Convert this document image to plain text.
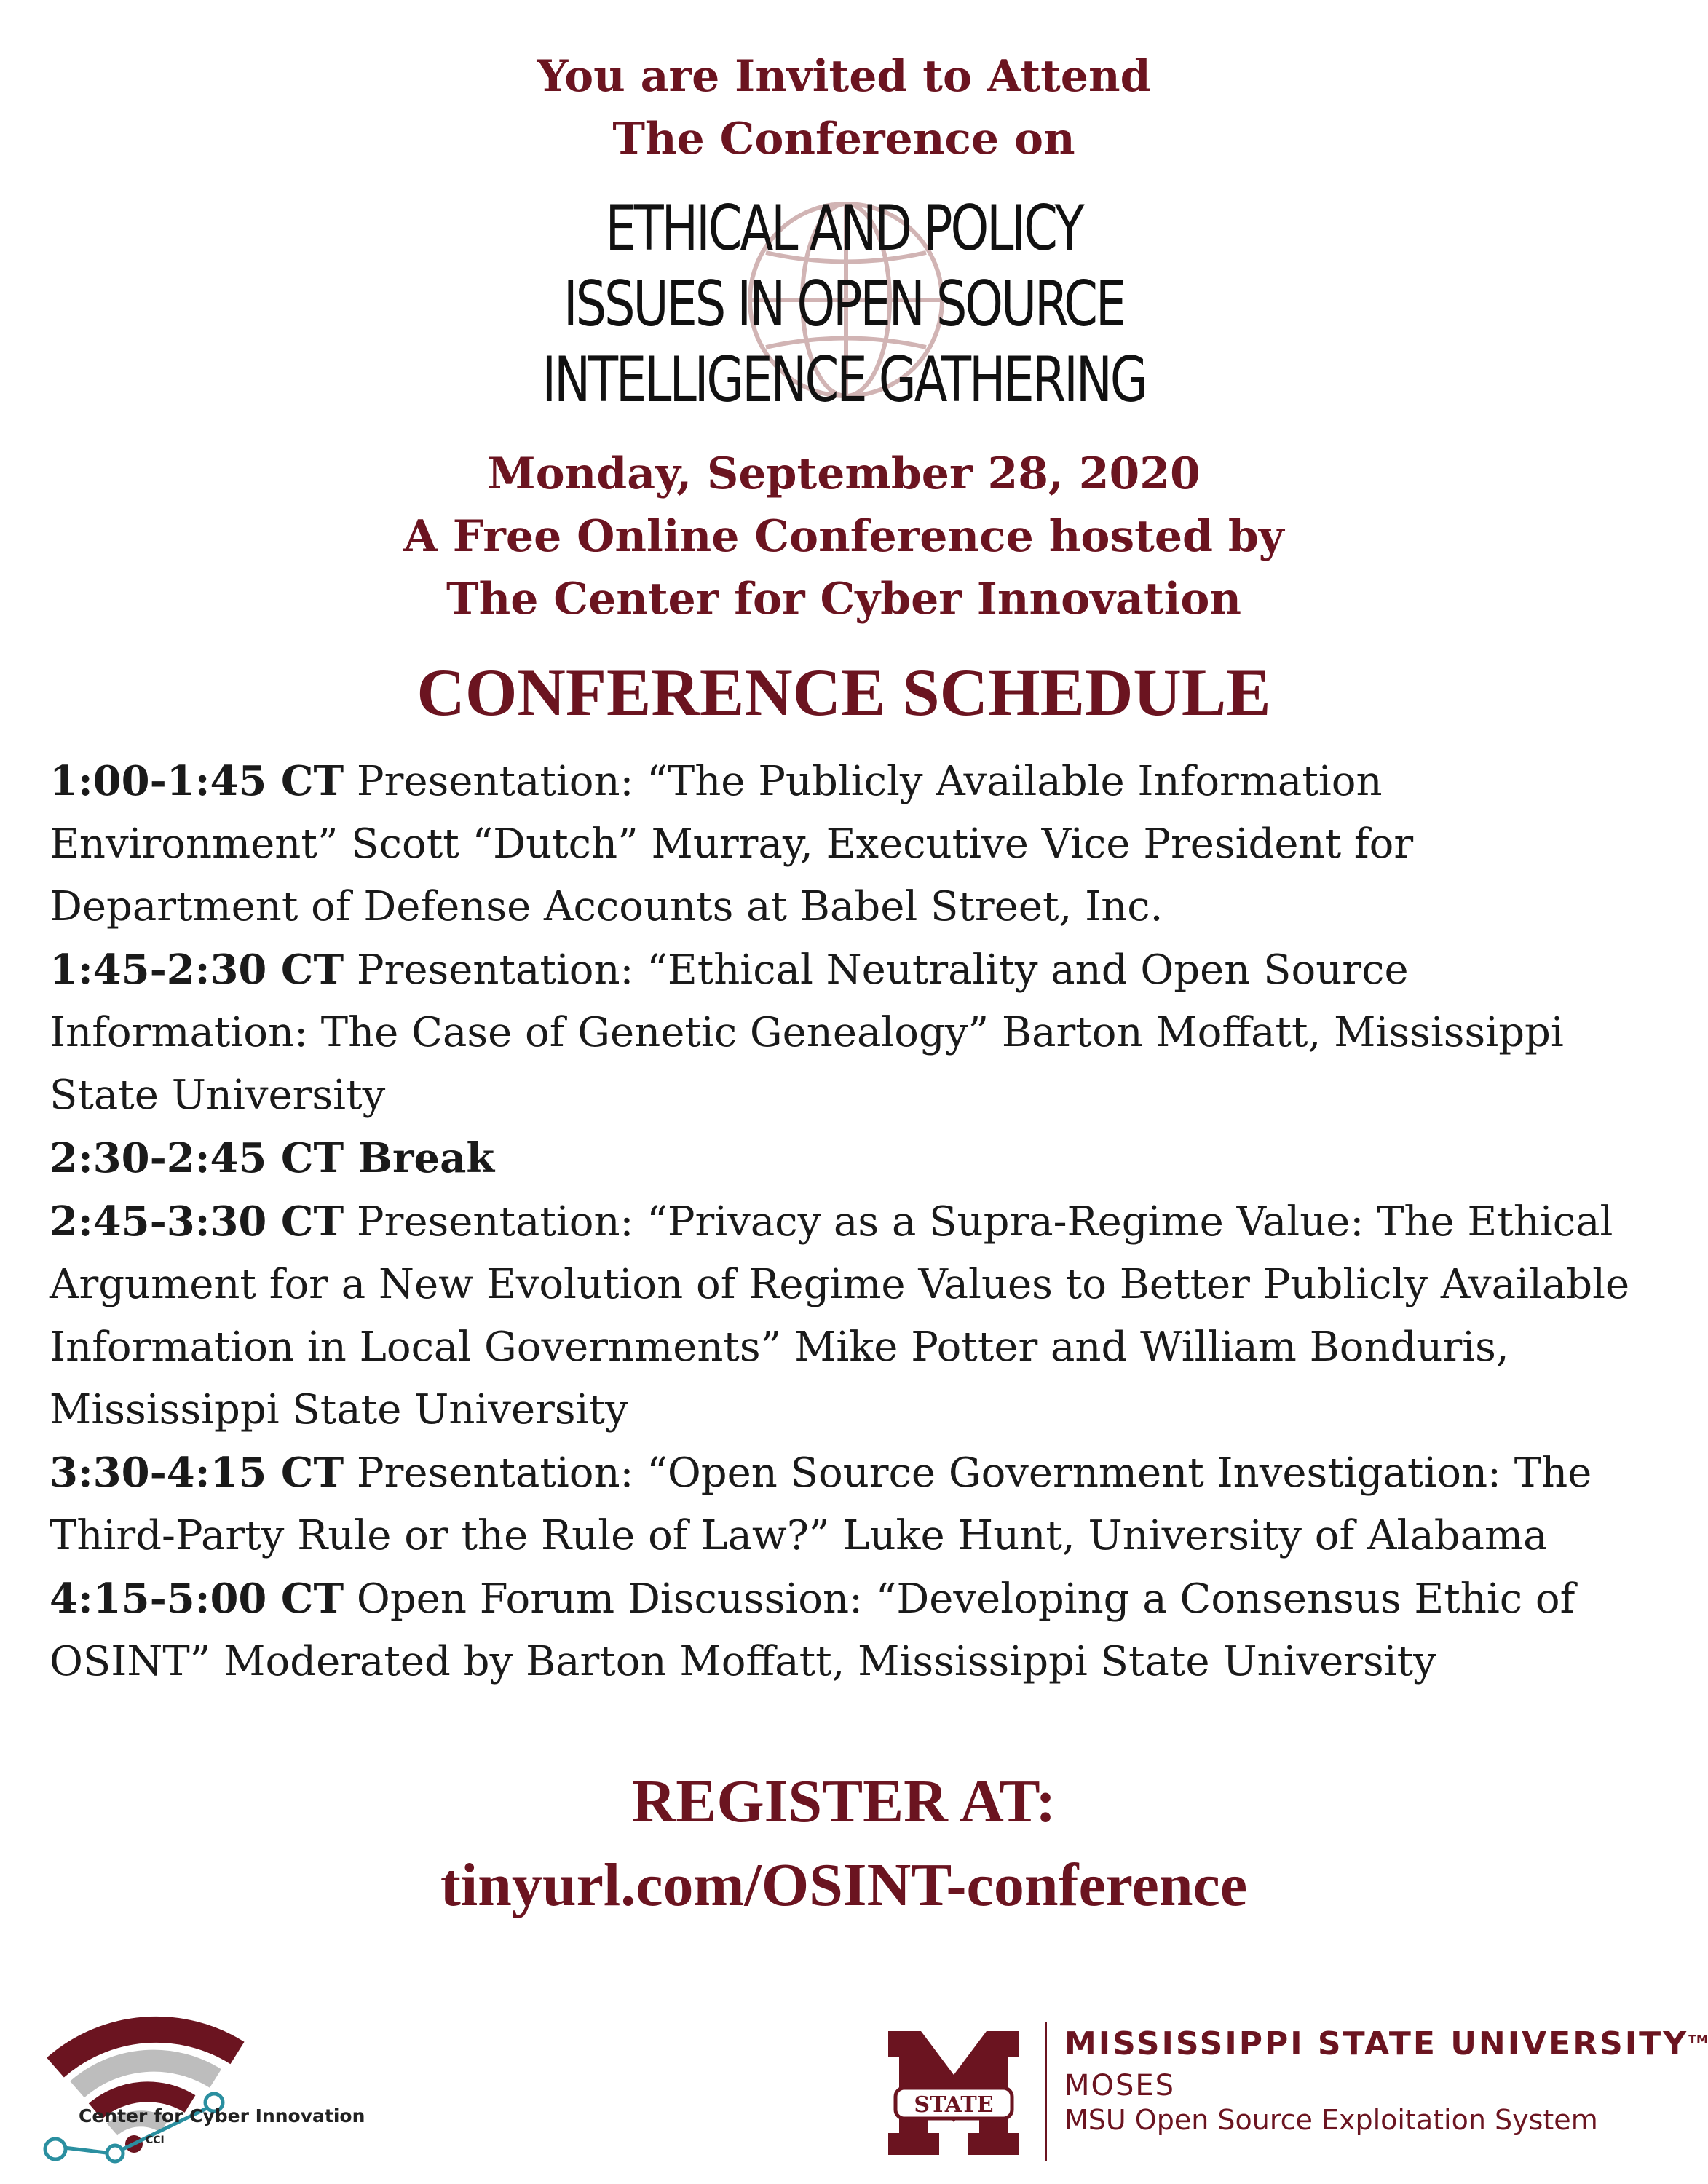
You are Invited to Attend
The Conference on
ETHICAL AND POLICY
ISSUES IN OPEN SOURCE
INTELLIGENCE GATHERING
Monday, September 28, 2020
A Free Online Conference hosted by
The Center for Cyber Innovation
CONFERENCE SCHEDULE

1:00-1:45 CT Presentation: “The Publicly Available Information Environment” Scott “Dutch” Murray, Executive Vice President for Department of Defense Accounts at Babel Street, Inc.

1:45-2:30 CT Presentation: “Ethical Neutrality and Open Source Information: The Case of Genetic Genealogy” Barton Moffatt, Mississippi State University

2:30-2:45 CT Break

2:45-3:30 CT Presentation: “Privacy as a Supra-Regime Value: The Ethical Argument for a New Evolution of Regime Values to Better Publicly Available Information in Local Governments” Mike Potter and William Bonduris, Mississippi State University

3:30-4:15 CT Presentation: “Open Source Government Investigation: The Third-Party Rule or the Rule of Law?” Luke Hunt, University of Alabama

4:15-5:00 CT Open Forum Discussion: “Developing a Consensus Ethic of OSINT” Moderated by Barton Moffatt, Mississippi State University

REGISTER AT:
tinyurl.com/OSINT-conference
Center for Cyber Innovation
CCI
STATE
MISSISSIPPI STATE UNIVERSITY™
MOSES
MSU Open Source Exploitation System
